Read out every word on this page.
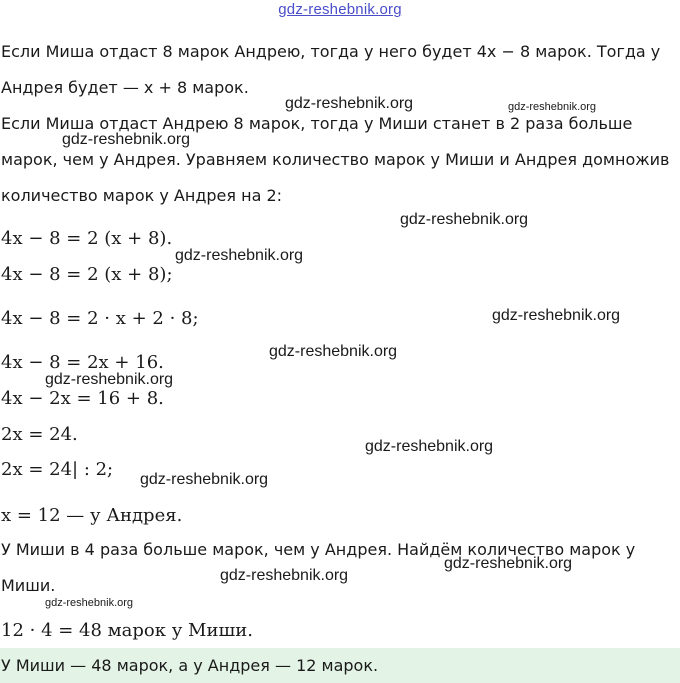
gdz-reshebnik.org
Если Миша отдаст 8 марок Андрею, тогда у него будет 4x − 8 марок. Тогда у
Андрея будет — x + 8 марок.
Если Миша отдаст Андрею 8 марок, тогда у Миши станет в 2 раза больше
марок, чем у Андрея. Уравняем количество марок у Миши и Андрея домножив
количество марок у Андрея на 2:
4x − 8 = 2 (x + 8).
4x − 8 = 2 (x + 8);
4x − 8 = 2 · x + 2 · 8;
4x − 8 = 2x + 16.
4x − 2x = 16 + 8.
2x = 24.
2x = 24| : 2;
x = 12 — у Андрея.
У Миши в 4 раза больше марок, чем у Андрея. Найдём количество марок у
Миши.
12 · 4 = 48 марок у Миши.
У Миши — 48 марок, а у Андрея — 12 марок.
gdz-reshebnik.org	gdz-reshebnik.org
gdz-reshebnik.org
gdz-reshebnik.org
gdz-reshebnik.org
gdz-reshebnik.org
gdz-reshebnik.org
gdz-reshebnik.org
gdz-reshebnik.org
gdz-reshebnik.org
gdz-reshebnik.org
gdz-reshebnik.org
gdz-reshebnik.org
gdz-reshebnik.org
